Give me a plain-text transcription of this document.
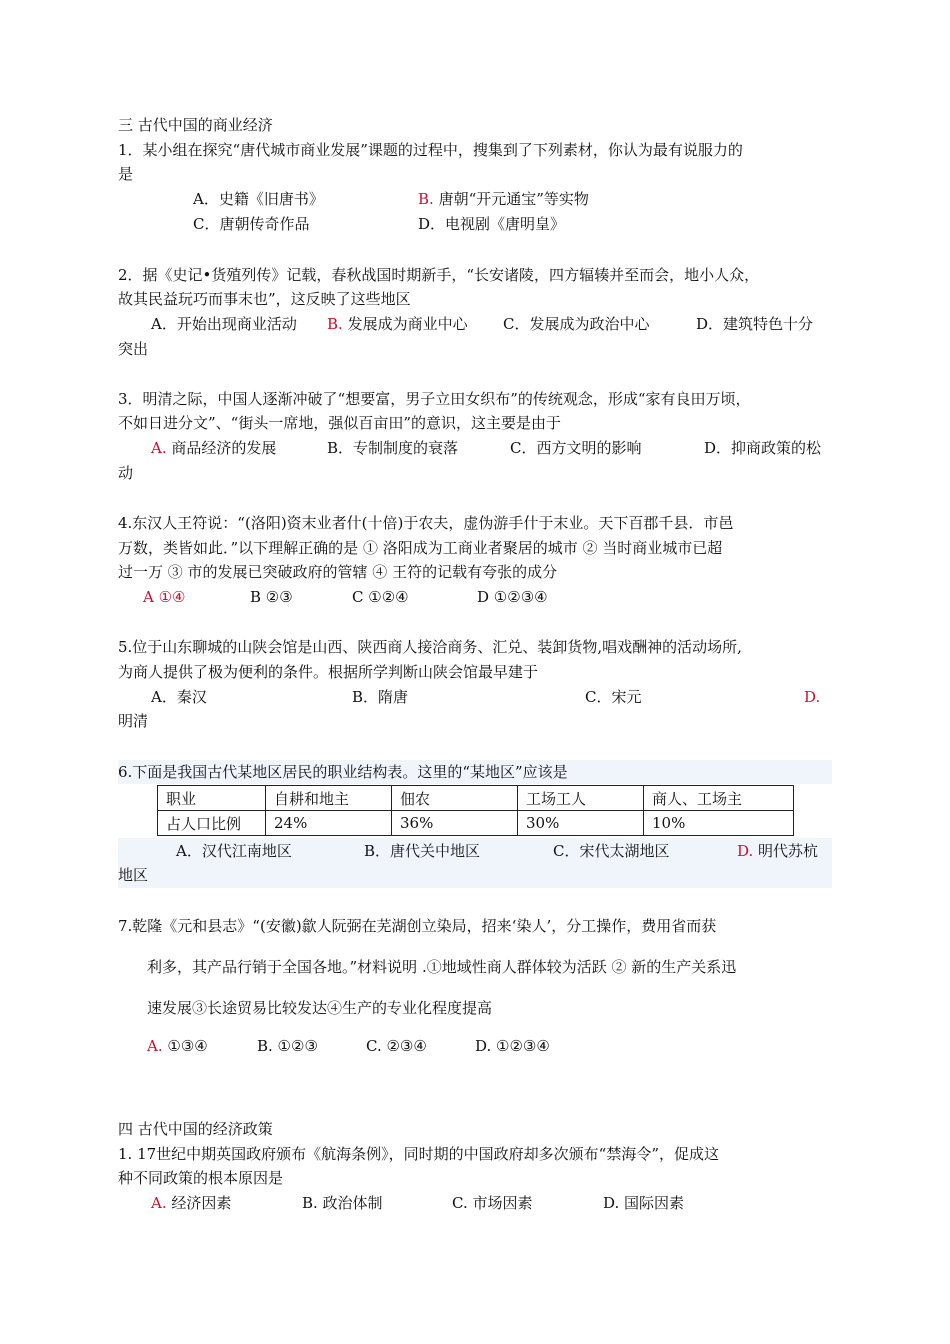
三 古代中国的商业经济
1．某小组在探究“唐代城市商业发展”课题的过程中，搜集到了下列素材，你认为最有说服力的
是
A．史籍《旧唐书》	B. 唐朝“开元通宝”等实物
C．唐朝传奇作品	D．电视剧《唐明皇》
2．据《史记•货殖列传》记载，春秋战国时期新手，“长安诸陵，四方辐辏并至而会，地小人众，
故其民益玩巧而事末也”，这反映了这些地区
A．开始出现商业活动 B. 发展成为商业中心 C．发展成为政治中心	D．建筑特色十分
突出
3．明清之际，中国人逐渐冲破了“想要富，男子立田女织布”的传统观念，形成“家有良田万顷，
不如日进分文”、“街头一席地，强似百亩田”的意识，这主要是由于
A. 商品经济的发展	B．专制制度的衰落	C．西方文明的影响	D．抑商政策的松
动
4.东汉人王符说：“(洛阳)资末业者什(十倍)于农夫，虚伪游手什于末业。天下百郡千县．市邑
万数，类皆如此．”以下理解正确的是 ① 洛阳成为工商业者聚居的城市 ② 当时商业城市已超
过一万 ③ 市的发展已突破政府的管辖 ④ 王符的记载有夸张的成分
A ①④	B ②③	C ①②④	D ①②③④
5.位于山东聊城的山陕会馆是山西、陕西商人接洽商务、汇兑、装卸货物,唱戏酬神的活动场所,
为商人提供了极为便利的条件。根据所学判断山陕会馆最早建于
A．秦汉	B．隋唐	C．宋元	D.
明清
6.下面是我国古代某地区居民的职业结构表。这里的“某地区”应该是
职业	自耕和地主	佃农	工场工人	商人、工场主
占人口比例	24%	36%	30%	10%
A．汉代江南地区	B．唐代关中地区	C．宋代太湖地区	D. 明代苏杭
地区
7.乾隆《元和县志》“(安徽)歙人阮弼在芜湖创立染局，招来‘染人’，分工操作，费用省而获
利多，其产品行销于全国各地。”材料说明 .①地域性商人群体较为活跃 ② 新的生产关系迅
速发展③长途贸易比较发达④生产的专业化程度提高
A. ①③④	B. ①②③	C. ②③④	D. ①②③④
四 古代中国的经济政策
1. 17世纪中期英国政府颁布《航海条例》，同时期的中国政府却多次颁布“禁海令”，促成这
种不同政策的根本原因是
A. 经济因素	B. 政治体制	C. 市场因素	D. 国际因素
